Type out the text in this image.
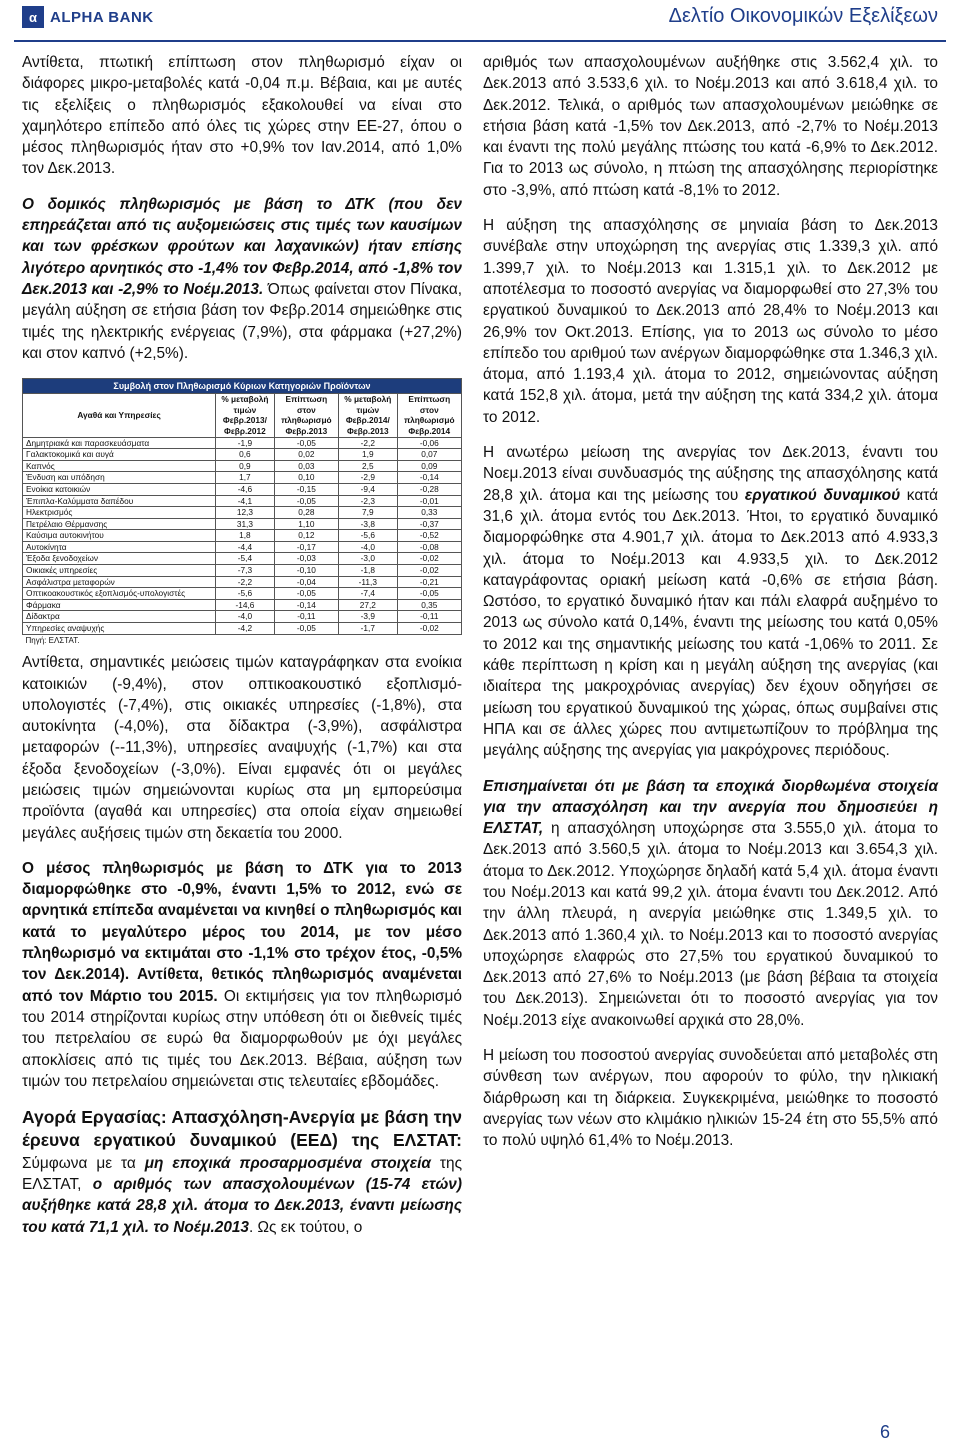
α ALPHA BANK	Δελτίο Οικονομικών Εξελίξεων

Αντίθετα, πτωτική επίπτωση στον πληθωρισμό είχαν οι διάφορες μικρο-μεταβολές κατά -0,04 π.μ. Βέβαια, και με αυτές τις εξελίξεις ο πληθωρισμός εξακολουθεί να είναι στο χαμηλότερο επίπεδο από όλες τις χώρες στην ΕΕ-27, όπου ο μέσος πληθωρισμός ήταν στο +0,9% τον Ιαν.2014, από 1,0% τον Δεκ.2013.

Ο δομικός πληθωρισμός με βάση το ΔΤΚ (που δεν επηρεάζεται από τις αυξομειώσεις στις τιμές των καυσίμων και των φρέσκων φρούτων και λαχανικών) ήταν επίσης λιγότερο αρνητικός στο -1,4% τον Φεβρ.2014, από -1,8% τον Δεκ.2013 και -2,9% το Νοέμ.2013. Όπως φαίνεται στον Πίνακα, μεγάλη αύξηση σε ετήσια βάση τον Φεβρ.2014 σημειώθηκε στις τιμές της ηλεκτρικής ενέργειας (7,9%), στα φάρμακα (+27,2%) και στον καπνό (+2,5%).

Συμβολή στον Πληθωρισμό Κύριων Κατηγοριών Προϊόντων				
Αγαθά και Υπηρεσίες	% μεταβολή τιμών Φεβρ.2013/ Φεβρ.2012	Επίπτωση στον πληθωρισμό Φεβρ.2013	% μεταβολή τιμών Φεβρ.2014/ Φεβρ.2013	Επίπτωση στον πληθωρισμό Φεβρ.2014
Δημητριακά και παρασκευάσματα	-1,9	-0,05	-2,2	-0,06
Γαλακτοκομικά και αυγά	0,6	0,02	1,9	0,07
Καπνός	0,9	0,03	2,5	0,09
Ένδυση και υπόδηση	1,7	0,10	-2,9	-0,14
Ενοίκια κατοικιών	-4,6	-0,15	-9,4	-0,28
Έπιπλα-Καλύμματα δαπέδου	-4,1	-0,05	-2,3	-0,01
Ηλεκτρισμός	12,3	0,28	7,9	0,33
Πετρέλαιο Θέρμανσης	31,3	1,10	-3,8	-0,37
Καύσιμα αυτοκινήτου	1,8	0,12	-5,6	-0,52
Αυτοκίνητα	-4,4	-0,17	-4,0	-0,08
Έξοδα ξενοδοχείων	-5,4	-0,03	-3,0	-0,02
Οικιακές υπηρεσίες	-7,3	-0,10	-1,8	-0,02
Ασφάλιστρα μεταφορών	-2,2	-0,04	-11,3	-0,21
Οπτικοακουστικός εξοπλισμός-υπολογιστές	-5,6	-0,05	-7,4	-0,05
Φάρμακα	-14,6	-0,14	27,2	0,35
Δίδακτρα	-4,0	-0,11	-3,9	-0,11
Υπηρεσίες αναψυχής	-4,2	-0,05	-1,7	-0,02
Πηγή: ΕΛΣΤΑΤ.				

Αντίθετα, σημαντικές μειώσεις τιμών καταγράφηκαν στα ενοίκια κατοικιών (-9,4%), στον οπτικοακουστικό εξοπλισμό-υπολογιστές (-7,4%), στις οικιακές υπηρεσίες (-1,8%), στα αυτοκίνητα (-4,0%), στα δίδακτρα (-3,9%), ασφάλιστρα μεταφορών (--11,3%), υπηρεσίες αναψυχής (-1,7%) και στα έξοδα ξενοδοχείων (-3,0%). Είναι εμφανές ότι οι μεγάλες μειώσεις τιμών σημειώνονται κυρίως στα μη εμπορεύσιμα προϊόντα (αγαθά και υπηρεσίες) στα οποία είχαν σημειωθεί μεγάλες αυξήσεις τιμών στη δεκαετία του 2000.

Ο μέσος πληθωρισμός με βάση το ΔΤΚ για το 2013 διαμορφώθηκε στο -0,9%, έναντι 1,5% το 2012, ενώ σε αρνητικά επίπεδα αναμένεται να κινηθεί ο πληθωρισμός και κατά το μεγαλύτερο μέρος του 2014, με τον μέσο πληθωρισμό να εκτιμάται στο -1,1% στο τρέχον έτος, -0,5% τον Δεκ.2014). Αντίθετα, θετικός πληθωρισμός αναμένεται από τον Μάρτιο του 2015. Οι εκτιμήσεις για τον πληθωρισμό του 2014 στηρίζονται κυρίως στην υπόθεση ότι οι διεθνείς τιμές του πετρελαίου σε ευρώ θα διαμορφωθούν με όχι μεγάλες αποκλίσεις από τις τιμές του Δεκ.2013. Βέβαια, αύξηση των τιμών του πετρελαίου σημειώνεται στις τελευταίες εβδομάδες.

Αγορά Εργασίας: Απασχόληση-Ανεργία με βάση την έρευνα εργατικού δυναμικού (ΕΕΔ) της ΕΛΣΤΑΤ: Σύμφωνα με τα μη εποχικά προσαρμοσμένα στοιχεία της ΕΛΣΤΑΤ, ο αριθμός των απασχολουμένων (15-74 ετών) αυξήθηκε κατά 28,8 χιλ. άτομα το Δεκ.2013, έναντι μείωσης του κατά 71,1 χιλ. το Νοέμ.2013. Ως εκ τούτου, ο

αριθμός των απασχολουμένων αυξήθηκε στις 3.562,4 χιλ. το Δεκ.2013 από 3.533,6 χιλ. το Νοέμ.2013 και από 3.618,4 χιλ. το Δεκ.2012. Τελικά, ο αριθμός των απασχολουμένων μειώθηκε σε ετήσια βάση κατά -1,5% τον Δεκ.2013, από -2,7% το Νοέμ.2013 και έναντι της πολύ μεγάλης πτώσης του κατά -6,9% το Δεκ.2012. Για το 2013 ως σύνολο, η πτώση της απασχόλησης περιορίστηκε στο -3,9%, από πτώση κατά -8,1% το 2012.

Η αύξηση της απασχόλησης σε μηνιαία βάση το Δεκ.2013 συνέβαλε στην υποχώρηση της ανεργίας στις 1.339,3 χιλ. από 1.399,7 χιλ. το Νοέμ.2013 και 1.315,1 χιλ. το Δεκ.2012 με αποτέλεσμα το ποσοστό ανεργίας να διαμορφωθεί στο 27,3% του εργατικού δυναμικού το Δεκ.2013 από 28,4% το Νοέμ.2013 και 26,9% τον Οκτ.2013. Επίσης, για το 2013 ως σύνολο το μέσο επίπεδο του αριθμού των ανέργων διαμορφώθηκε στα 1.346,3 χιλ. άτομα, από 1.193,4 χιλ. άτομα το 2012, σημειώνοντας αύξηση κατά 152,8 χιλ. άτομα, μετά την αύξηση της κατά 334,2 χιλ. άτομα το 2012.

Η ανωτέρω μείωση της ανεργίας τον Δεκ.2013, έναντι του Νοεμ.2013 είναι συνδυασμός της αύξησης της απασχόλησης κατά 28,8 χιλ. άτομα και της μείωσης του εργατικού δυναμικού κατά 31,6 χιλ. άτομα εντός του Δεκ.2013. Ήτοι, το εργατικό δυναμικό διαμορφώθηκε στα 4.901,7 χιλ. άτομα το Δεκ.2013 από 4.933,3 χιλ. άτομα το Νοέμ.2013 και 4.933,5 χιλ. το Δεκ.2012 καταγράφοντας οριακή μείωση κατά -0,6% σε ετήσια βάση. Ωστόσο, το εργατικό δυναμικό ήταν και πάλι ελαφρά αυξημένο το 2013 ως σύνολο κατά 0,14%, έναντι της μείωσης του κατά 0,05% το 2012 και της σημαντικής μείωσης του κατά -1,06% το 2011. Σε κάθε περίπτωση η κρίση και η μεγάλη αύξηση της ανεργίας (και ιδιαίτερα της μακροχρόνιας ανεργίας) δεν έχουν οδηγήσει σε μείωση του εργατικού δυναμικού της χώρας, όπως συμβαίνει στις ΗΠΑ και σε άλλες χώρες που αντιμετωπίζουν το πρόβλημα της μεγάλης αύξησης της ανεργίας για μακρόχρονες περιόδους.

Επισημαίνεται ότι με βάση τα εποχικά διορθωμένα στοιχεία για την απασχόληση και την ανεργία που δημοσιεύει η ΕΛΣΤΑΤ, η απασχόληση υποχώρησε στα 3.555,0 χιλ. άτομα το Δεκ.2013 από 3.560,5 χιλ. άτομα το Νοέμ.2013 και 3.654,3 χιλ. άτομα το Δεκ.2012. Υποχώρησε δηλαδή κατά 5,4 χιλ. άτομα έναντι του Νοέμ.2013 και κατά 99,2 χιλ. άτομα έναντι του Δεκ.2012. Από την άλλη πλευρά, η ανεργία μειώθηκε στις 1.349,5 χιλ. το Δεκ.2013 από 1.360,4 χιλ. το Νοέμ.2013 και το ποσοστό ανεργίας υποχώρησε ελαφρώς στο 27,5% του εργατικού δυναμικού το Δεκ.2013 από 27,6% το Νοέμ.2013 (με βάση βέβαια τα στοιχεία του Δεκ.2013). Σημειώνεται ότι το ποσοστό ανεργίας για τον Νοέμ.2013 είχε ανακοινωθεί αρχικά στο 28,0%.

Η μείωση του ποσοστού ανεργίας συνοδεύεται από μεταβολές στη σύνθεση των ανέργων, που αφορούν το φύλο, την ηλικιακή διάρθρωση και τη διάρκεια. Συγκεκριμένα, μειώθηκε το ποσοστό ανεργίας των νέων στο κλιμάκιο ηλικιών 15-24 έτη στο 55,5% από το πολύ υψηλό 61,4% το Νοέμ.2013.

6
